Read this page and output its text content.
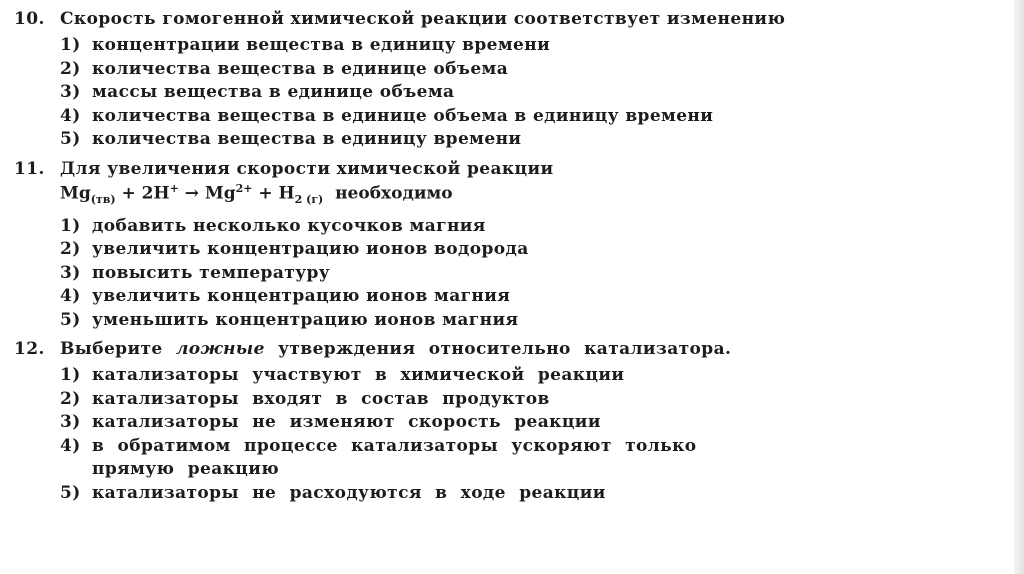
10. Скорость гомогенной химической реакции соответствует изменению
1) концентрации вещества в единицу времени
2) количества вещества в единице объема
3) массы вещества в единице объема
4) количества вещества в единице объема в единицу времени
5) количества вещества в единицу времени
11. Для увеличения скорости химической реакции
$Mg_{(тв)} + 2H^+ \to Mg^{2+} + H_{2 (г)}$  необходимо
1) добавить несколько кусочков магния
2) увеличить концентрацию ионов водорода
3) повысить температуру
4) увеличить концентрацию ионов магния
5) уменьшить концентрацию ионов магния
12. Выберите ложные утверждения относительно катализатора.
1) катализаторы участвуют в химической реакции
2) катализаторы входят в состав продуктов
3) катализаторы не изменяют скорость реакции
4) в обратимом процессе катализаторы ускоряют только прямую реакцию
5) катализаторы не расходуются в ходе реакции
